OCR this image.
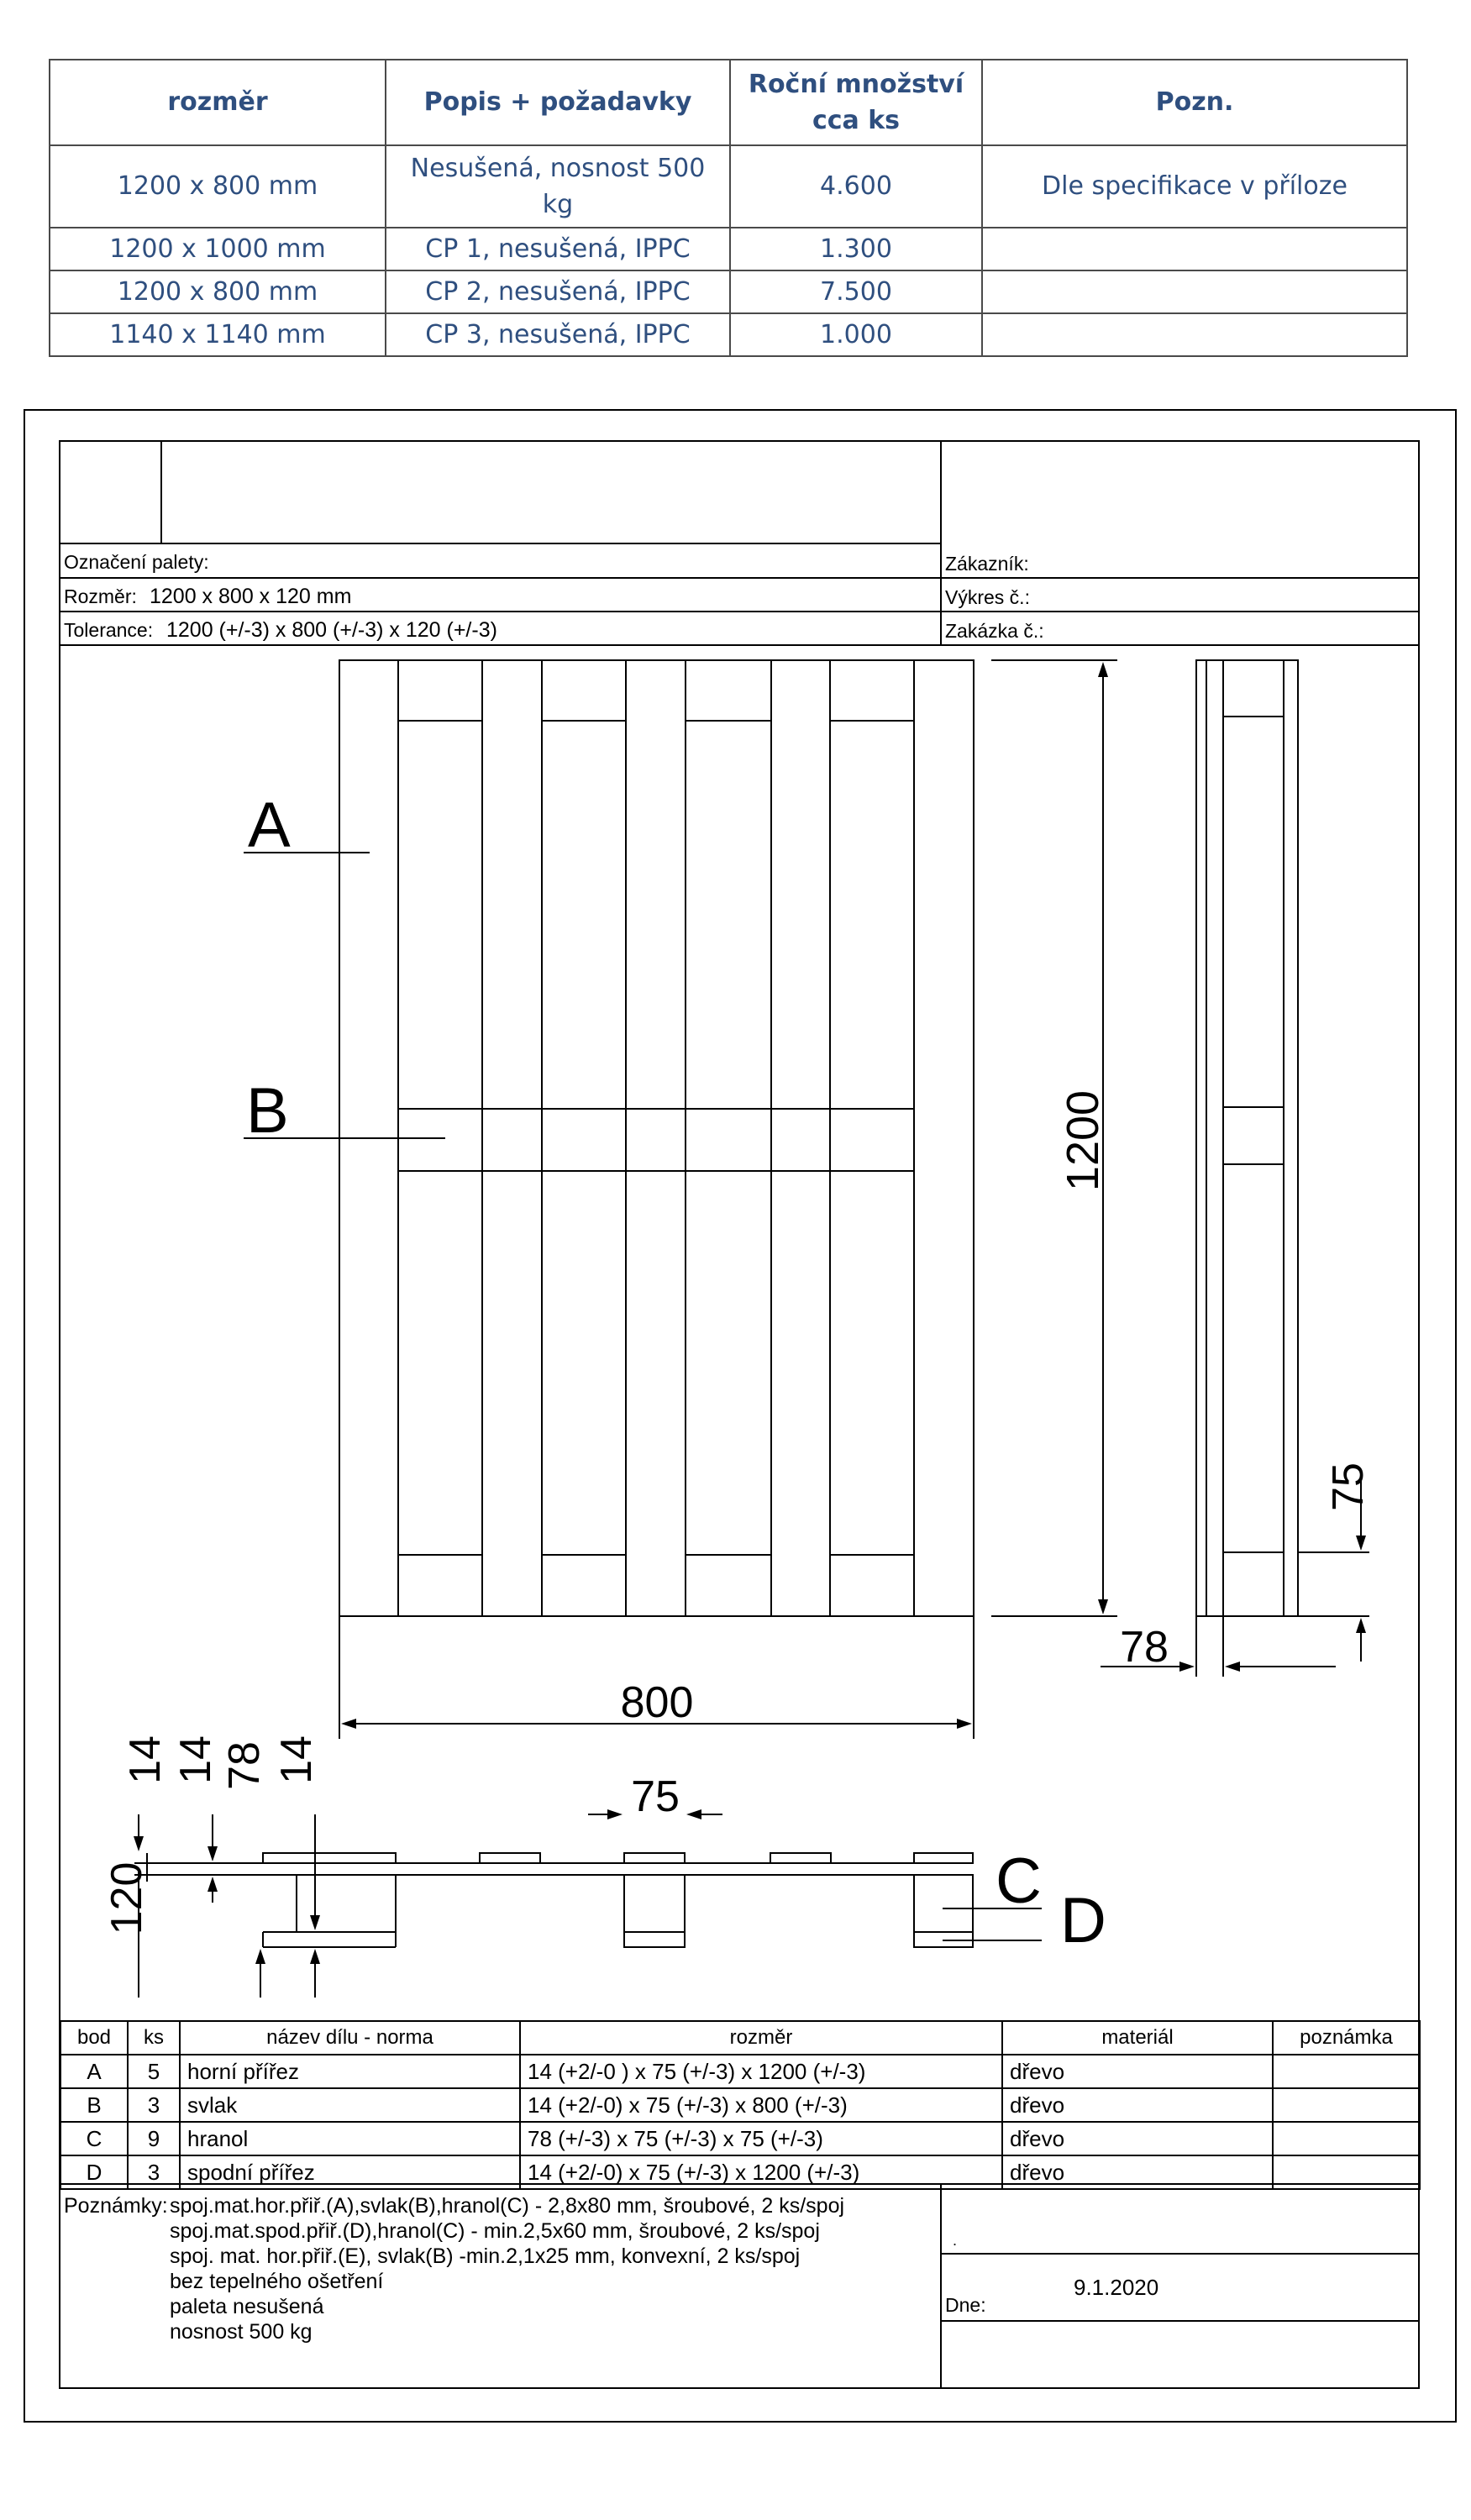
rozměr	Popis + požadavky	Roční množství cca ks	Pozn.
1200 x 800 mm	Nesušená, nosnost 500 kg	4.600	Dle specifikace v příloze
1200 x 1000 mm	CP 1, nesušená, IPPC	1.300	
1200 x 800 mm	CP 2, nesušená, IPPC	7.500	
1140 x 1140 mm	CP 3, nesušená, IPPC	1.000	
Označení palety:
Rozměr: 1200 x 800 x 120 mm
Tolerance: 1200 (+/-3) x 800 (+/-3) x 120 (+/-3)
Zákazník:
Výkres č.:
Zakázka č.:
A
B
C
D
1200
800
75
78
75
14 14 78 14
120
.
Dne:
9.1.2020
bod	ks	název dílu - norma	rozměr	materiál	poznámka
A	5	horní přířez	14 (+2/-0 ) x 75 (+/-3) x 1200 (+/-3)	dřevo	
B	3	svlak	14 (+2/-0) x 75 (+/-3) x 800 (+/-3)	dřevo	
C	9	hranol	78 (+/-3) x 75 (+/-3) x 75 (+/-3)	dřevo	
D	3	spodní přířez	14 (+2/-0) x 75 (+/-3) x 1200 (+/-3)	dřevo	
Poznámky: spoj.mat.hor.přiř.(A),svlak(B),hranol(C) - 2,8x80 mm, šroubové, 2 ks/spoj
spoj.mat.spod.přiř.(D),hranol(C) - min.2,5x60 mm, šroubové, 2 ks/spoj
spoj. mat. hor.přiř.(E), svlak(B) -min.2,1x25 mm, konvexní, 2 ks/spoj
bez tepelného ošetření
paleta nesušená
nosnost 500 kg
